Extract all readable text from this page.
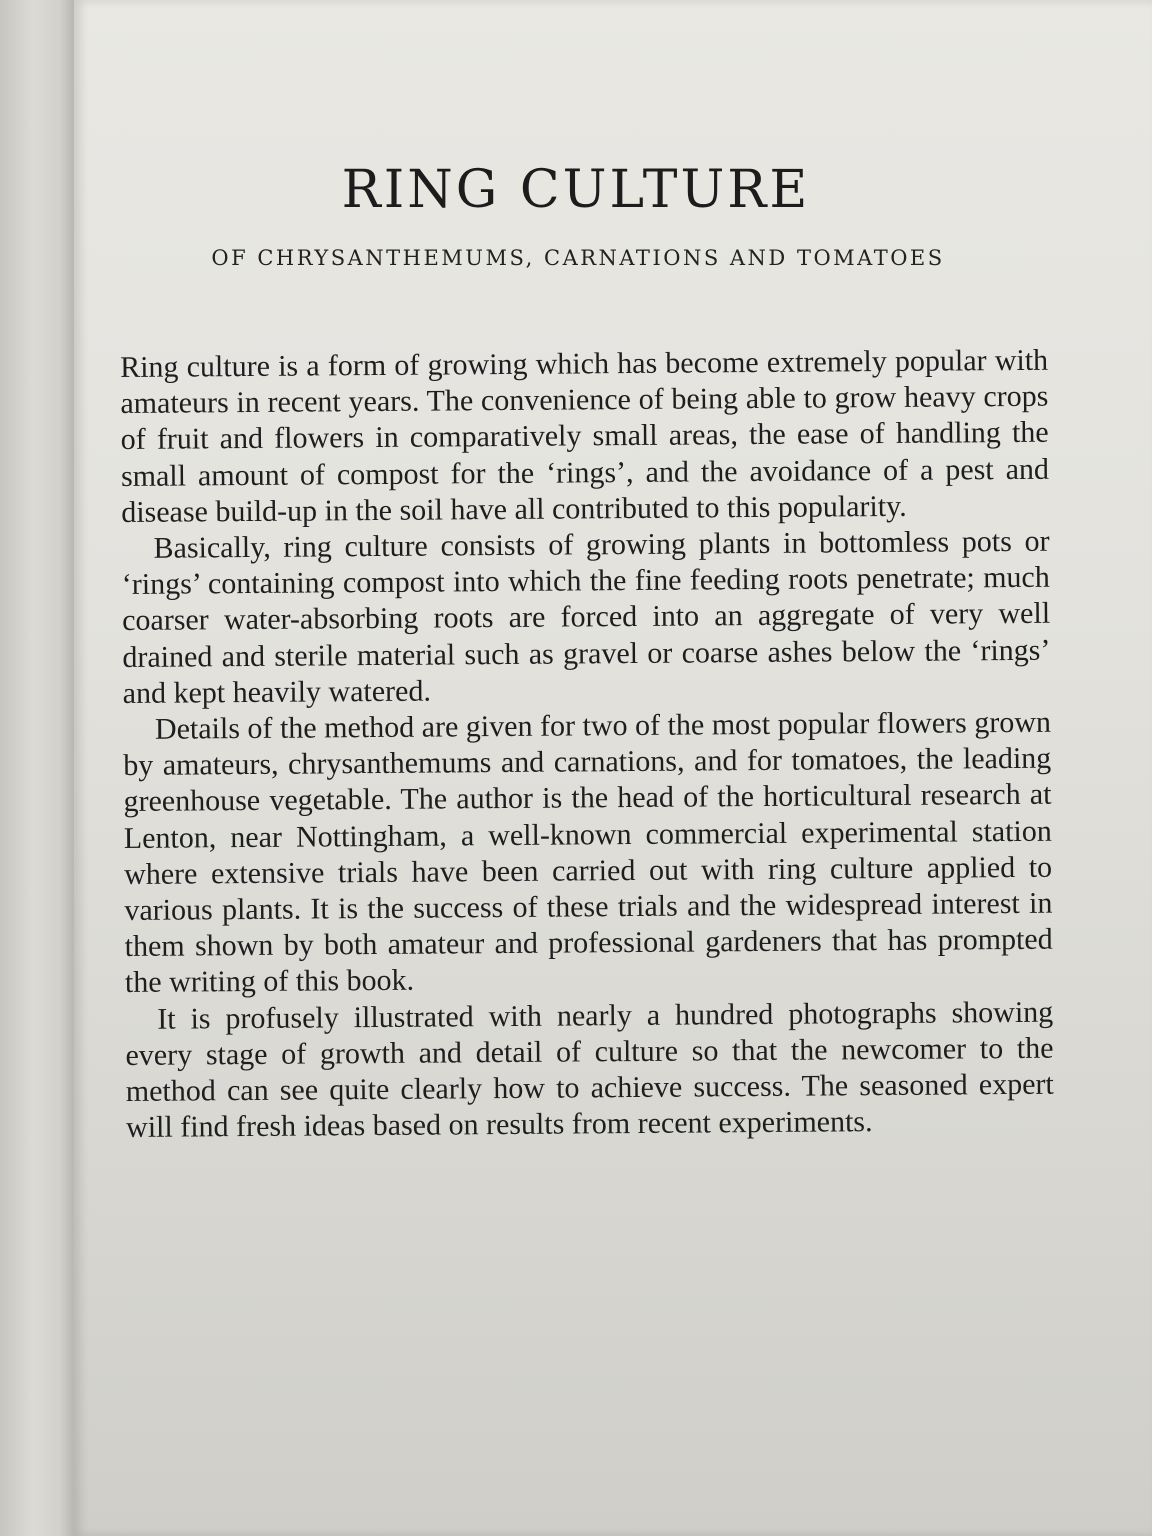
RING CULTURE
OF CHRYSANTHEMUMS, CARNATIONS AND TOMATOES

Ring culture is a form of growing which has become extremely popular with amateurs in recent years. The convenience of being able to grow heavy crops of fruit and flowers in comparatively small areas, the ease of handling the small amount of compost for the ‘rings’, and the avoidance of a pest and disease build-up in the soil have all contributed to this popularity.

Basically, ring culture consists of growing plants in bottomless pots or ‘rings’ containing compost into which the fine feeding roots penetrate; much coarser water-absorbing roots are forced into an aggregate of very well drained and sterile material such as gravel or coarse ashes below the ‘rings’ and kept heavily watered.

Details of the method are given for two of the most popular flowers grown by amateurs, chrysanthemums and carnations, and for tomatoes, the leading greenhouse vegetable. The author is the head of the horticultural research at Lenton, near Nottingham, a well-known commercial experimental station where extensive trials have been carried out with ring culture applied to various plants. It is the success of these trials and the widespread interest in them shown by both amateur and professional gardeners that has prompted the writing of this book.

It is profusely illustrated with nearly a hundred photographs showing every stage of growth and detail of culture so that the newcomer to the method can see quite clearly how to achieve success. The seasoned expert will find fresh ideas based on results from recent experiments.
